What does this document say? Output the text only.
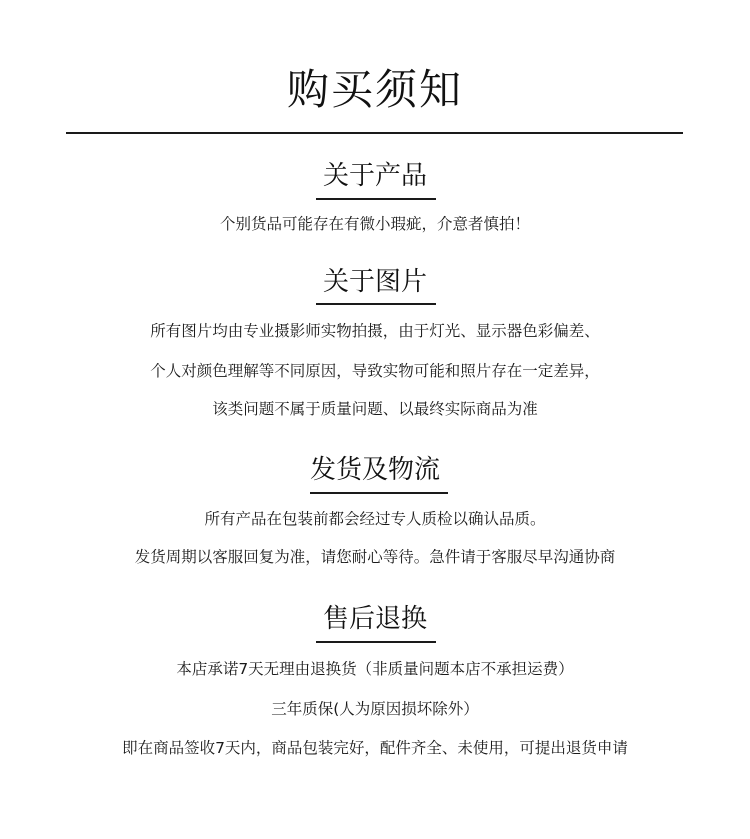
购买须知
关于产品
个别货品可能存在有微小瑕疵，介意者慎拍！
关于图片
所有图片均由专业摄影师实物拍摄，由于灯光、显示器色彩偏差、
个人对颜色理解等不同原因，导致实物可能和照片存在一定差异，
该类问题不属于质量问题、以最终实际商品为准
发货及物流
所有产品在包装前都会经过专人质检以确认品质。
发货周期以客服回复为准，请您耐心等待。急件请于客服尽早沟通协商
售后退换
本店承诺7天无理由退换货（非质量问题本店不承担运费）
三年质保(人为原因损坏除外）
即在商品签收7天内，商品包装完好，配件齐全、未使用，可提出退货申请
